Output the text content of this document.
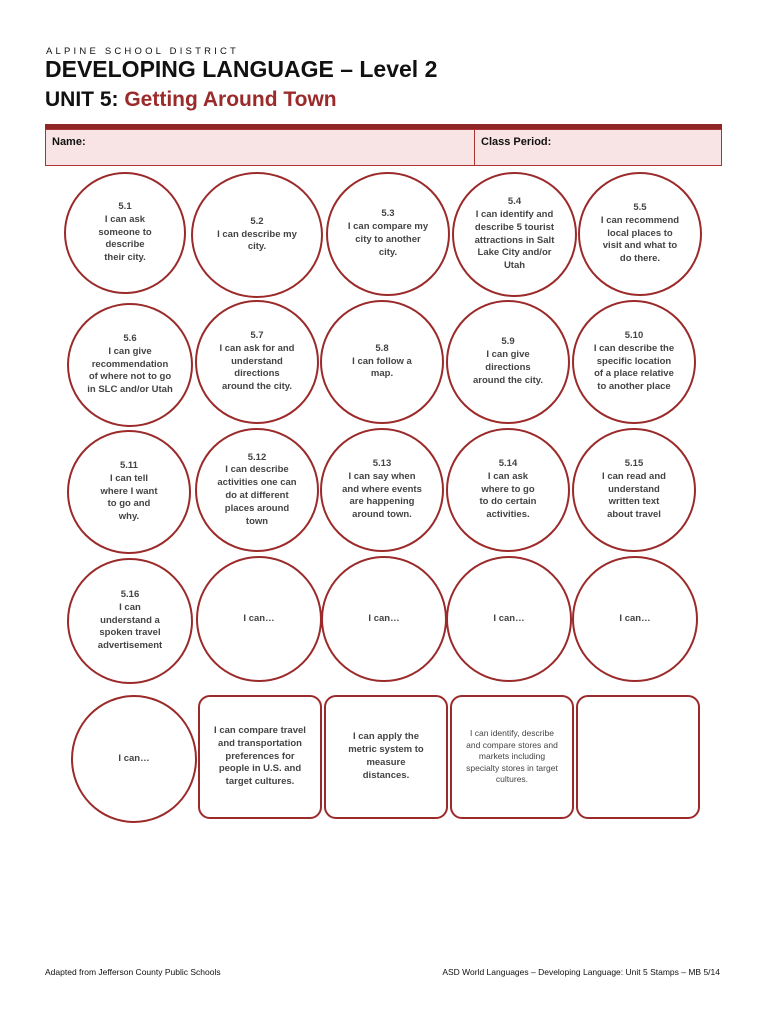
ALPINE SCHOOL DISTRICT
DEVELOPING LANGUAGE – Level 2
UNIT 5: Getting Around Town
Name:	Class Period:
5.1
I can ask
someone to
describe
their city.
5.2
I can describe my
city.
5.3
I can compare my
city to another
city.
5.4
I can identify and
describe 5 tourist
attractions in Salt
Lake City and/or
Utah
5.5
I can recommend
local places to
visit and what to
do there.
5.6
I can give
recommendation
of where not to go
in SLC and/or Utah
5.7
I can ask for and
understand
directions
around the city.
5.8
I can follow a
map.
5.9
I can give
directions
around the city.
5.10
I can describe the
specific location
of a place relative
to another place
5.11
I can tell
where I want
to go and
why.
5.12
I can describe
activities one can
do at different
places around
town
5.13
I can say when
and where events
are happening
around town.
5.14
I can ask
where to go
to do certain
activities.
5.15
I can read and
understand
written text
about travel
5.16
I can
understand a
spoken travel
advertisement
I can…	I can…	I can…	I can…
I can…
I can compare travel
and transportation
preferences for
people in U.S. and
target cultures.
I can apply the
metric system to
measure
distances.
I can identify, describe
and compare stores and
markets including
specialty stores in target
cultures.
Adapted from Jefferson County Public Schools	ASD World Languages – Developing Language: Unit 5 Stamps – MB 5/14
